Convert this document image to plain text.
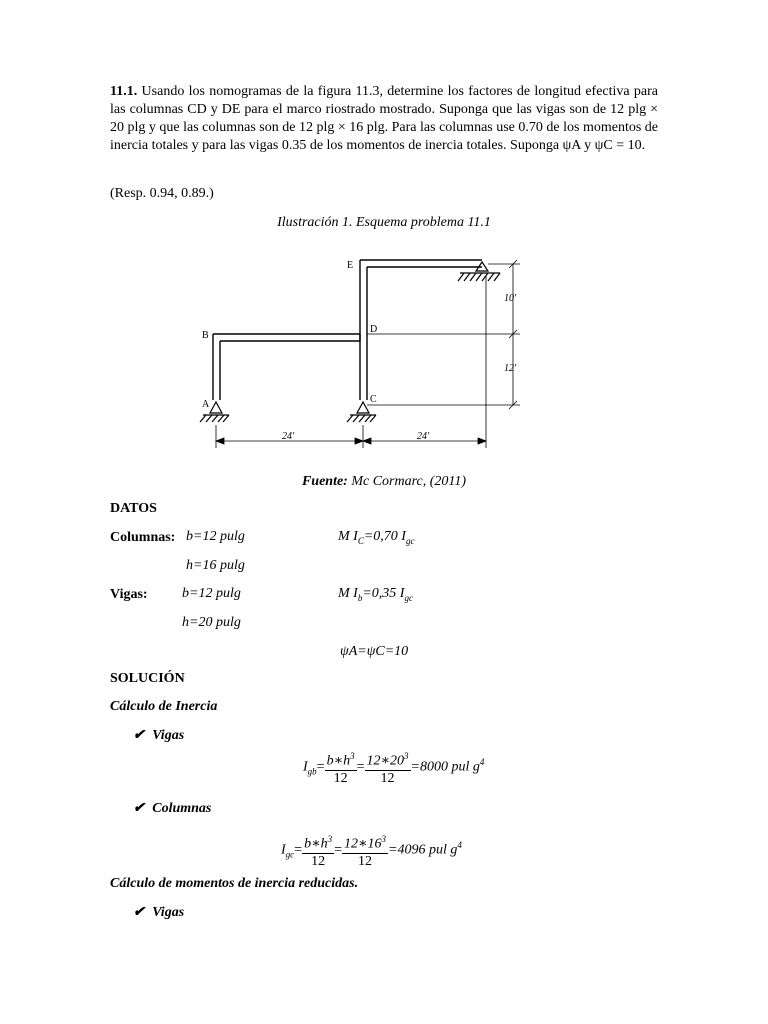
11.1. Usando los nomogramas de la figura 11.3, determine los factores de longitud efectiva para las columnas CD y DE para el marco riostrado mostrado. Suponga que las vigas son de 12 plg × 20 plg y que las columnas son de 12 plg × 16 plg. Para las columnas use 0.70 de los momentos de inercia totales y para las vigas 0.35 de los momentos de inercia totales. Suponga ψA y ψC = 10.
(Resp. 0.94, 0.89.)
Ilustración 1. Esquema problema 11.1
A
B
C
D
E
10′
12′
24′	24′
Fuente: Mc Cormarc, (2011)
DATOS
Columnas: b=12 pulg
h=16 pulg
M $I_C=0,70$ $I_{gc}$
Vigas: b=12 pulg
h=20 pulg
M $I_b=0,35$ $I_{gc}$
ψA=ψC=10
SOLUCIÓN
Cálculo de Inercia
✔ Vigas
$I_{gb}= \frac{b∗h^3}{12} = \frac{12∗20^3}{12} =8000$ pul $g^4$
✔ Columnas
$I_{gc}= \frac{b∗h^3}{12} = \frac{12∗16^3}{12} =4096$ pul $g^4$
Cálculo de momentos de inercia reducidas.
✔ Vigas
